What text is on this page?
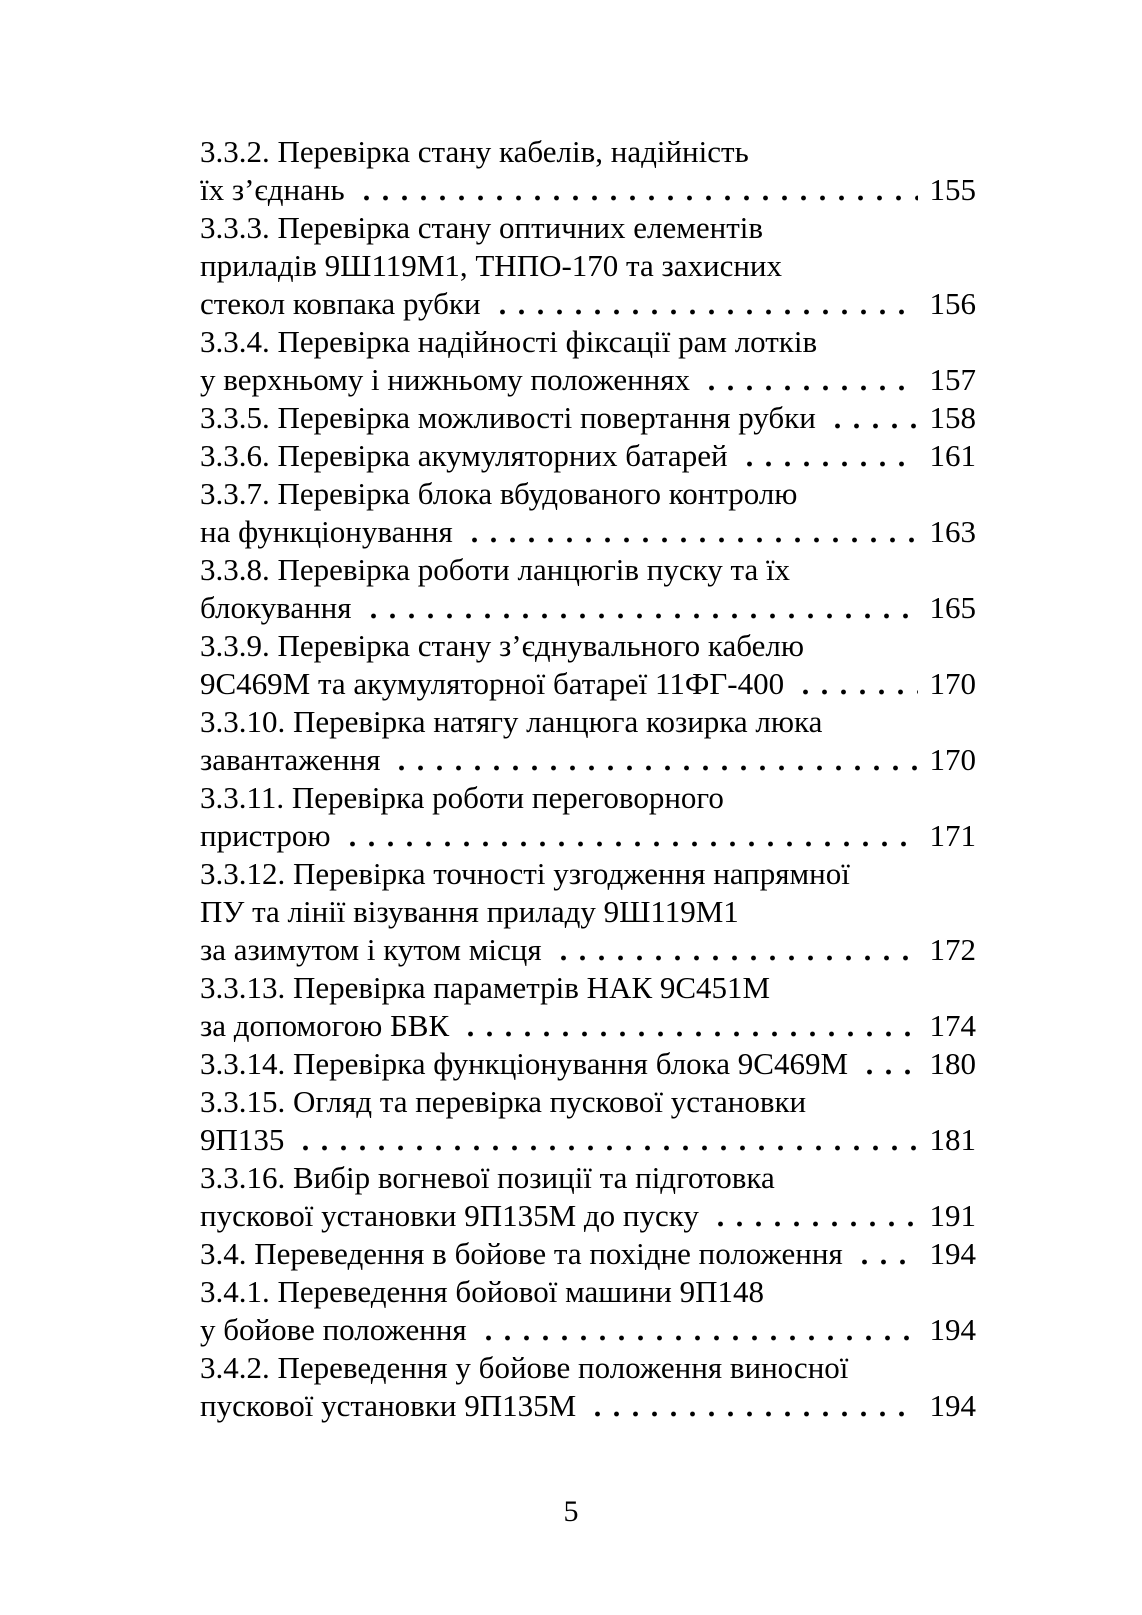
3.3.2. Перевірка стану кабелів, надійність
їх з’єднань	155
3.3.3. Перевірка стану оптичних елементів
приладів 9Ш119М1, ТНПО-170 та захисних
стекол ковпака рубки	156
3.3.4. Перевірка надійності фіксації рам лотків
у верхньому і нижньому положеннях	157
3.3.5. Перевірка можливості повертання рубки	158
3.3.6. Перевірка акумуляторних батарей	161
3.3.7. Перевірка блока вбудованого контролю
на функціонування	163
3.3.8. Перевірка роботи ланцюгів пуску та їх
блокування	165
3.3.9. Перевірка стану з’єднувального кабелю
9С469М та акумуляторної батареї 11ФГ-400	170
3.3.10. Перевірка натягу ланцюга козирка люка
завантаження	170
3.3.11. Перевірка роботи переговорного
пристрою	171
3.3.12. Перевірка точності узгодження напрямної
ПУ та лінії візування приладу 9Ш119М1
за азимутом і кутом місця	172
3.3.13. Перевірка параметрів НАК 9С451М
за допомогою БВК	174
3.3.14. Перевірка функціонування блока 9С469М	180
3.3.15. Огляд та перевірка пускової установки
9П135	181
3.3.16. Вибір вогневої позиції та підготовка
пускової установки 9П135М до пуску	191
3.4. Переведення в бойове та похідне положення	194
3.4.1. Переведення бойової машини 9П148
у бойове положення	194
3.4.2. Переведення у бойове положення виносної
пускової установки 9П135М	194
5
